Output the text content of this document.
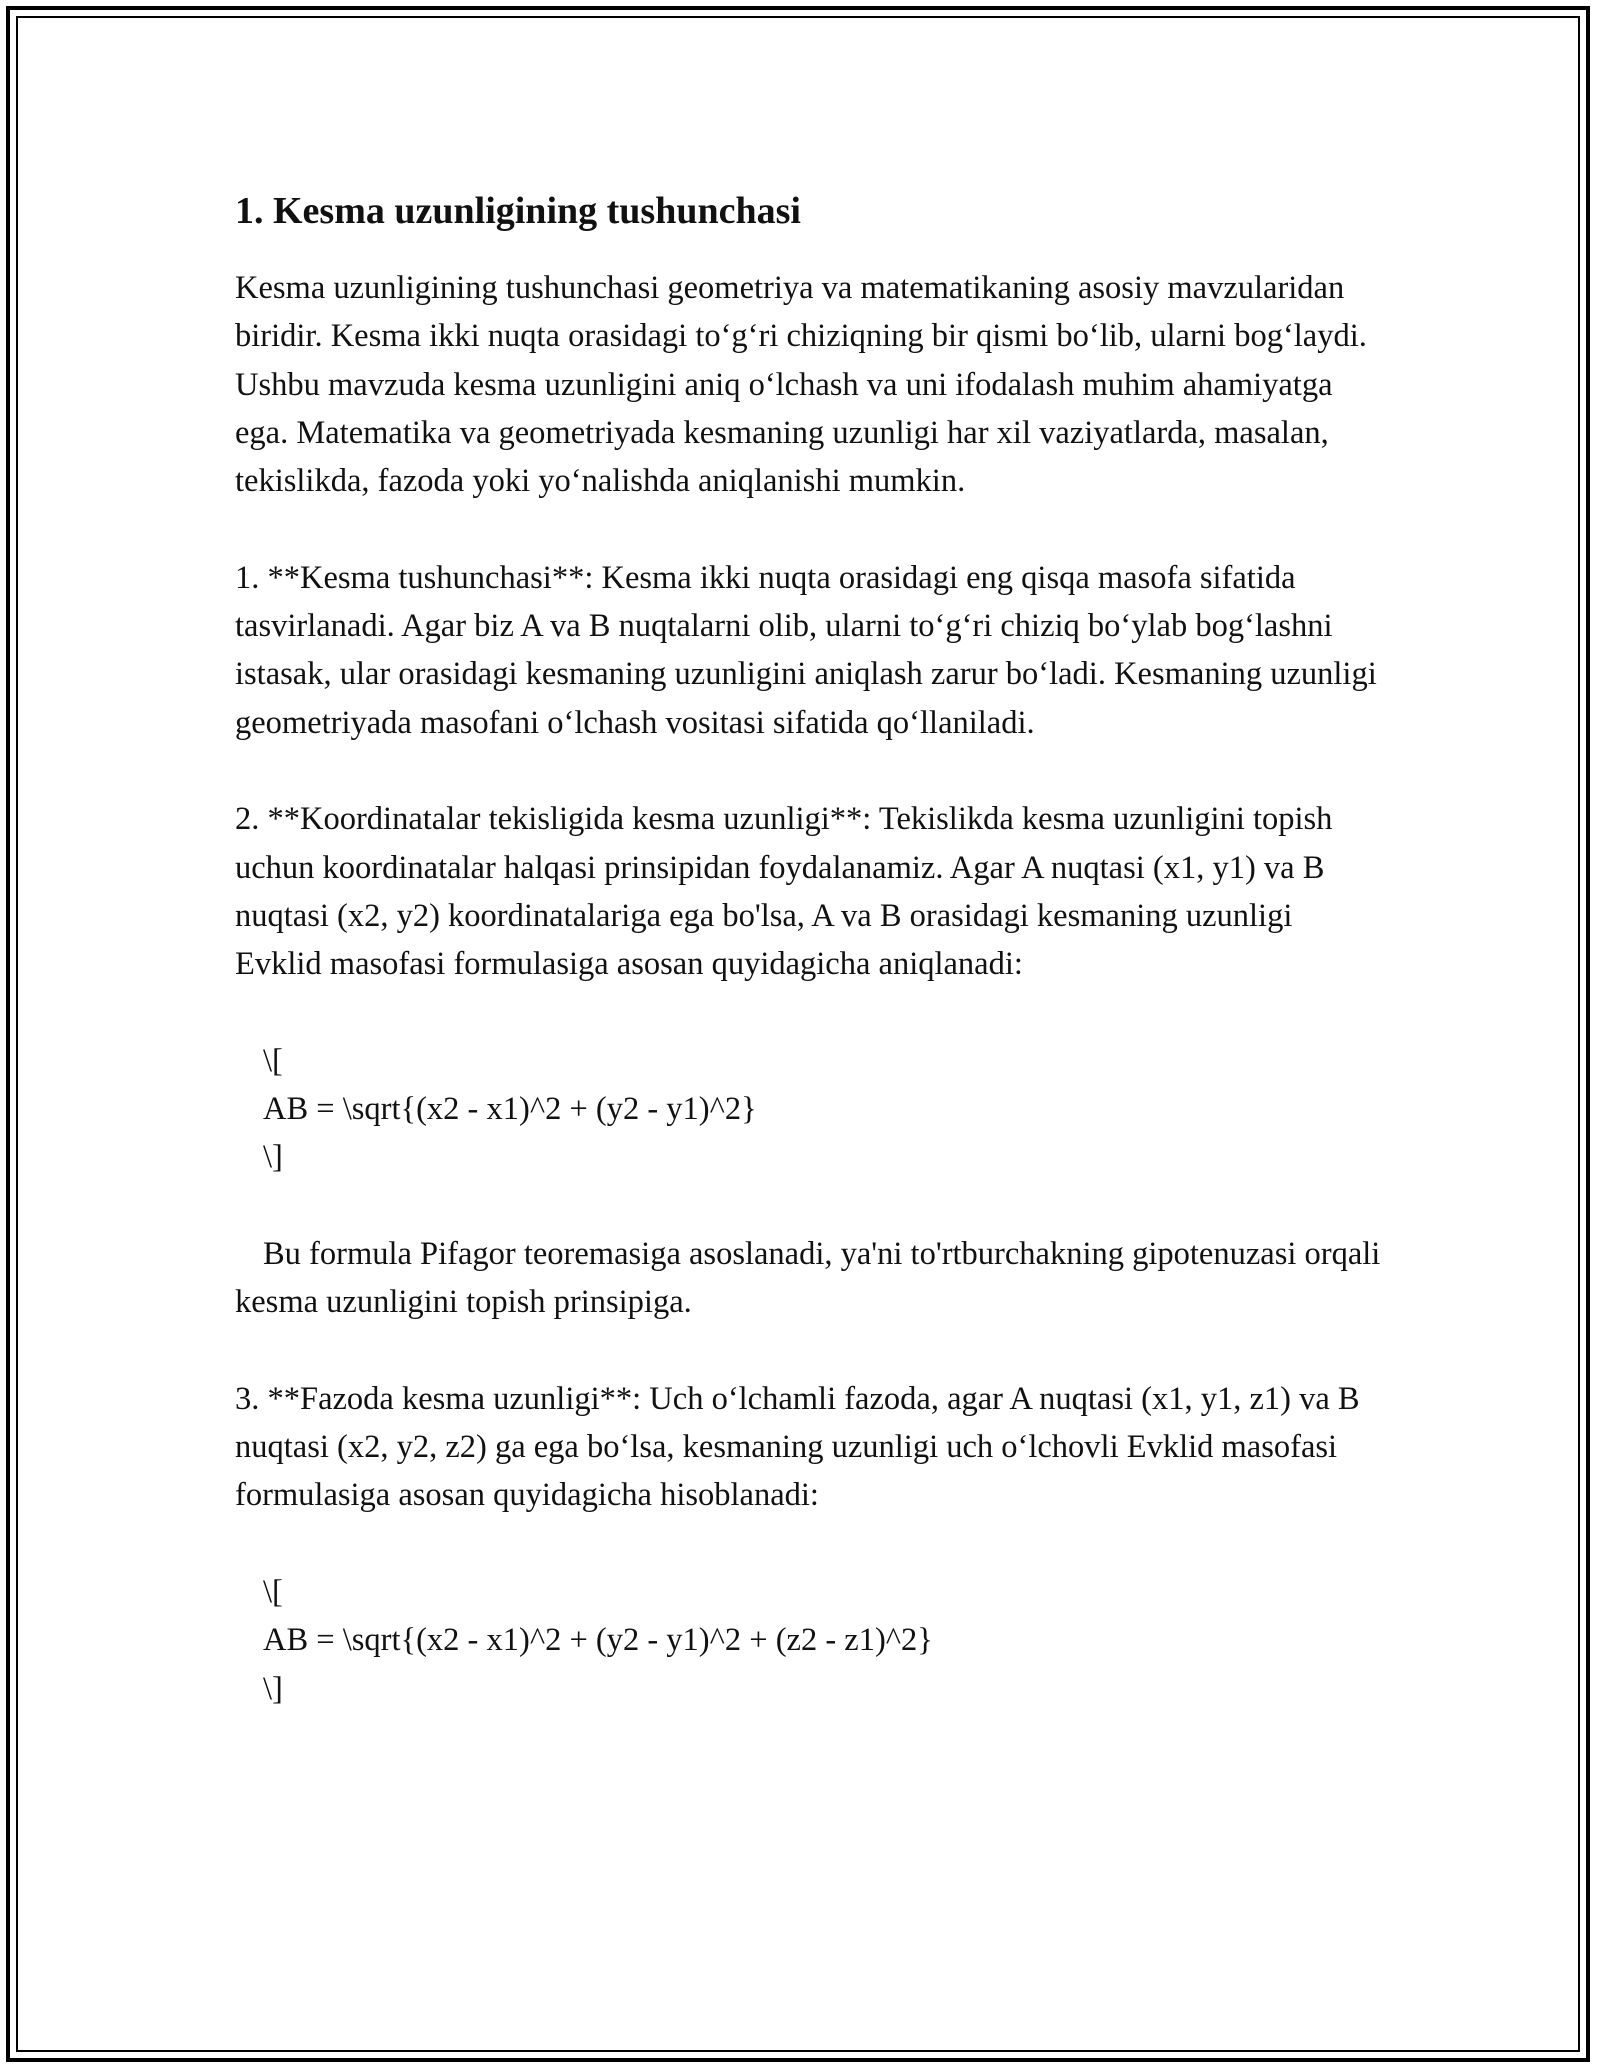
1. Kesma uzunligining tushunchasi

Kesma uzunligining tushunchasi geometriya va matematikaning asosiy mavzularidan biridir. Kesma ikki nuqta orasidagi to‘g‘ri chiziqning bir qismi bo‘lib, ularni bog‘laydi. Ushbu mavzuda kesma uzunligini aniq o‘lchash va uni ifodalash muhim ahamiyatga ega. Matematika va geometriyada kesmaning uzunligi har xil vaziyatlarda, masalan, tekislikda, fazoda yoki yo‘nalishda aniqlanishi mumkin.

1. **Kesma tushunchasi**: Kesma ikki nuqta orasidagi eng qisqa masofa sifatida tasvirlanadi. Agar biz A va B nuqtalarni olib, ularni to‘g‘ri chiziq bo‘ylab bog‘lashni istasak, ular orasidagi kesmaning uzunligini aniqlash zarur bo‘ladi. Kesmaning uzunligi geometriyada masofani o‘lchash vositasi sifatida qo‘llaniladi.

2. **Koordinatalar tekisligida kesma uzunligi**: Tekislikda kesma uzunligini topish uchun koordinatalar halqasi prinsipidan foydalanamiz. Agar A nuqtasi (x1, y1) va B nuqtasi (x2, y2) koordinatalariga ega bo'lsa, A va B orasidagi kesmaning uzunligi Evklid masofasi formulasiga asosan quyidagicha aniqlanadi:

\[

AB = \sqrt{(x2 - x1)^2 + (y2 - y1)^2}

\]

Bu formula Pifagor teoremasiga asoslanadi, ya'ni to'rtburchakning gipotenuzasi orqali kesma uzunligini topish prinsipiga.

3. **Fazoda kesma uzunligi**: Uch o‘lchamli fazoda, agar A nuqtasi (x1, y1, z1) va B nuqtasi (x2, y2, z2) ga ega bo‘lsa, kesmaning uzunligi uch o‘lchovli Evklid masofasi formulasiga asosan quyidagicha hisoblanadi:

\[

AB = \sqrt{(x2 - x1)^2 + (y2 - y1)^2 + (z2 - z1)^2}

\]
